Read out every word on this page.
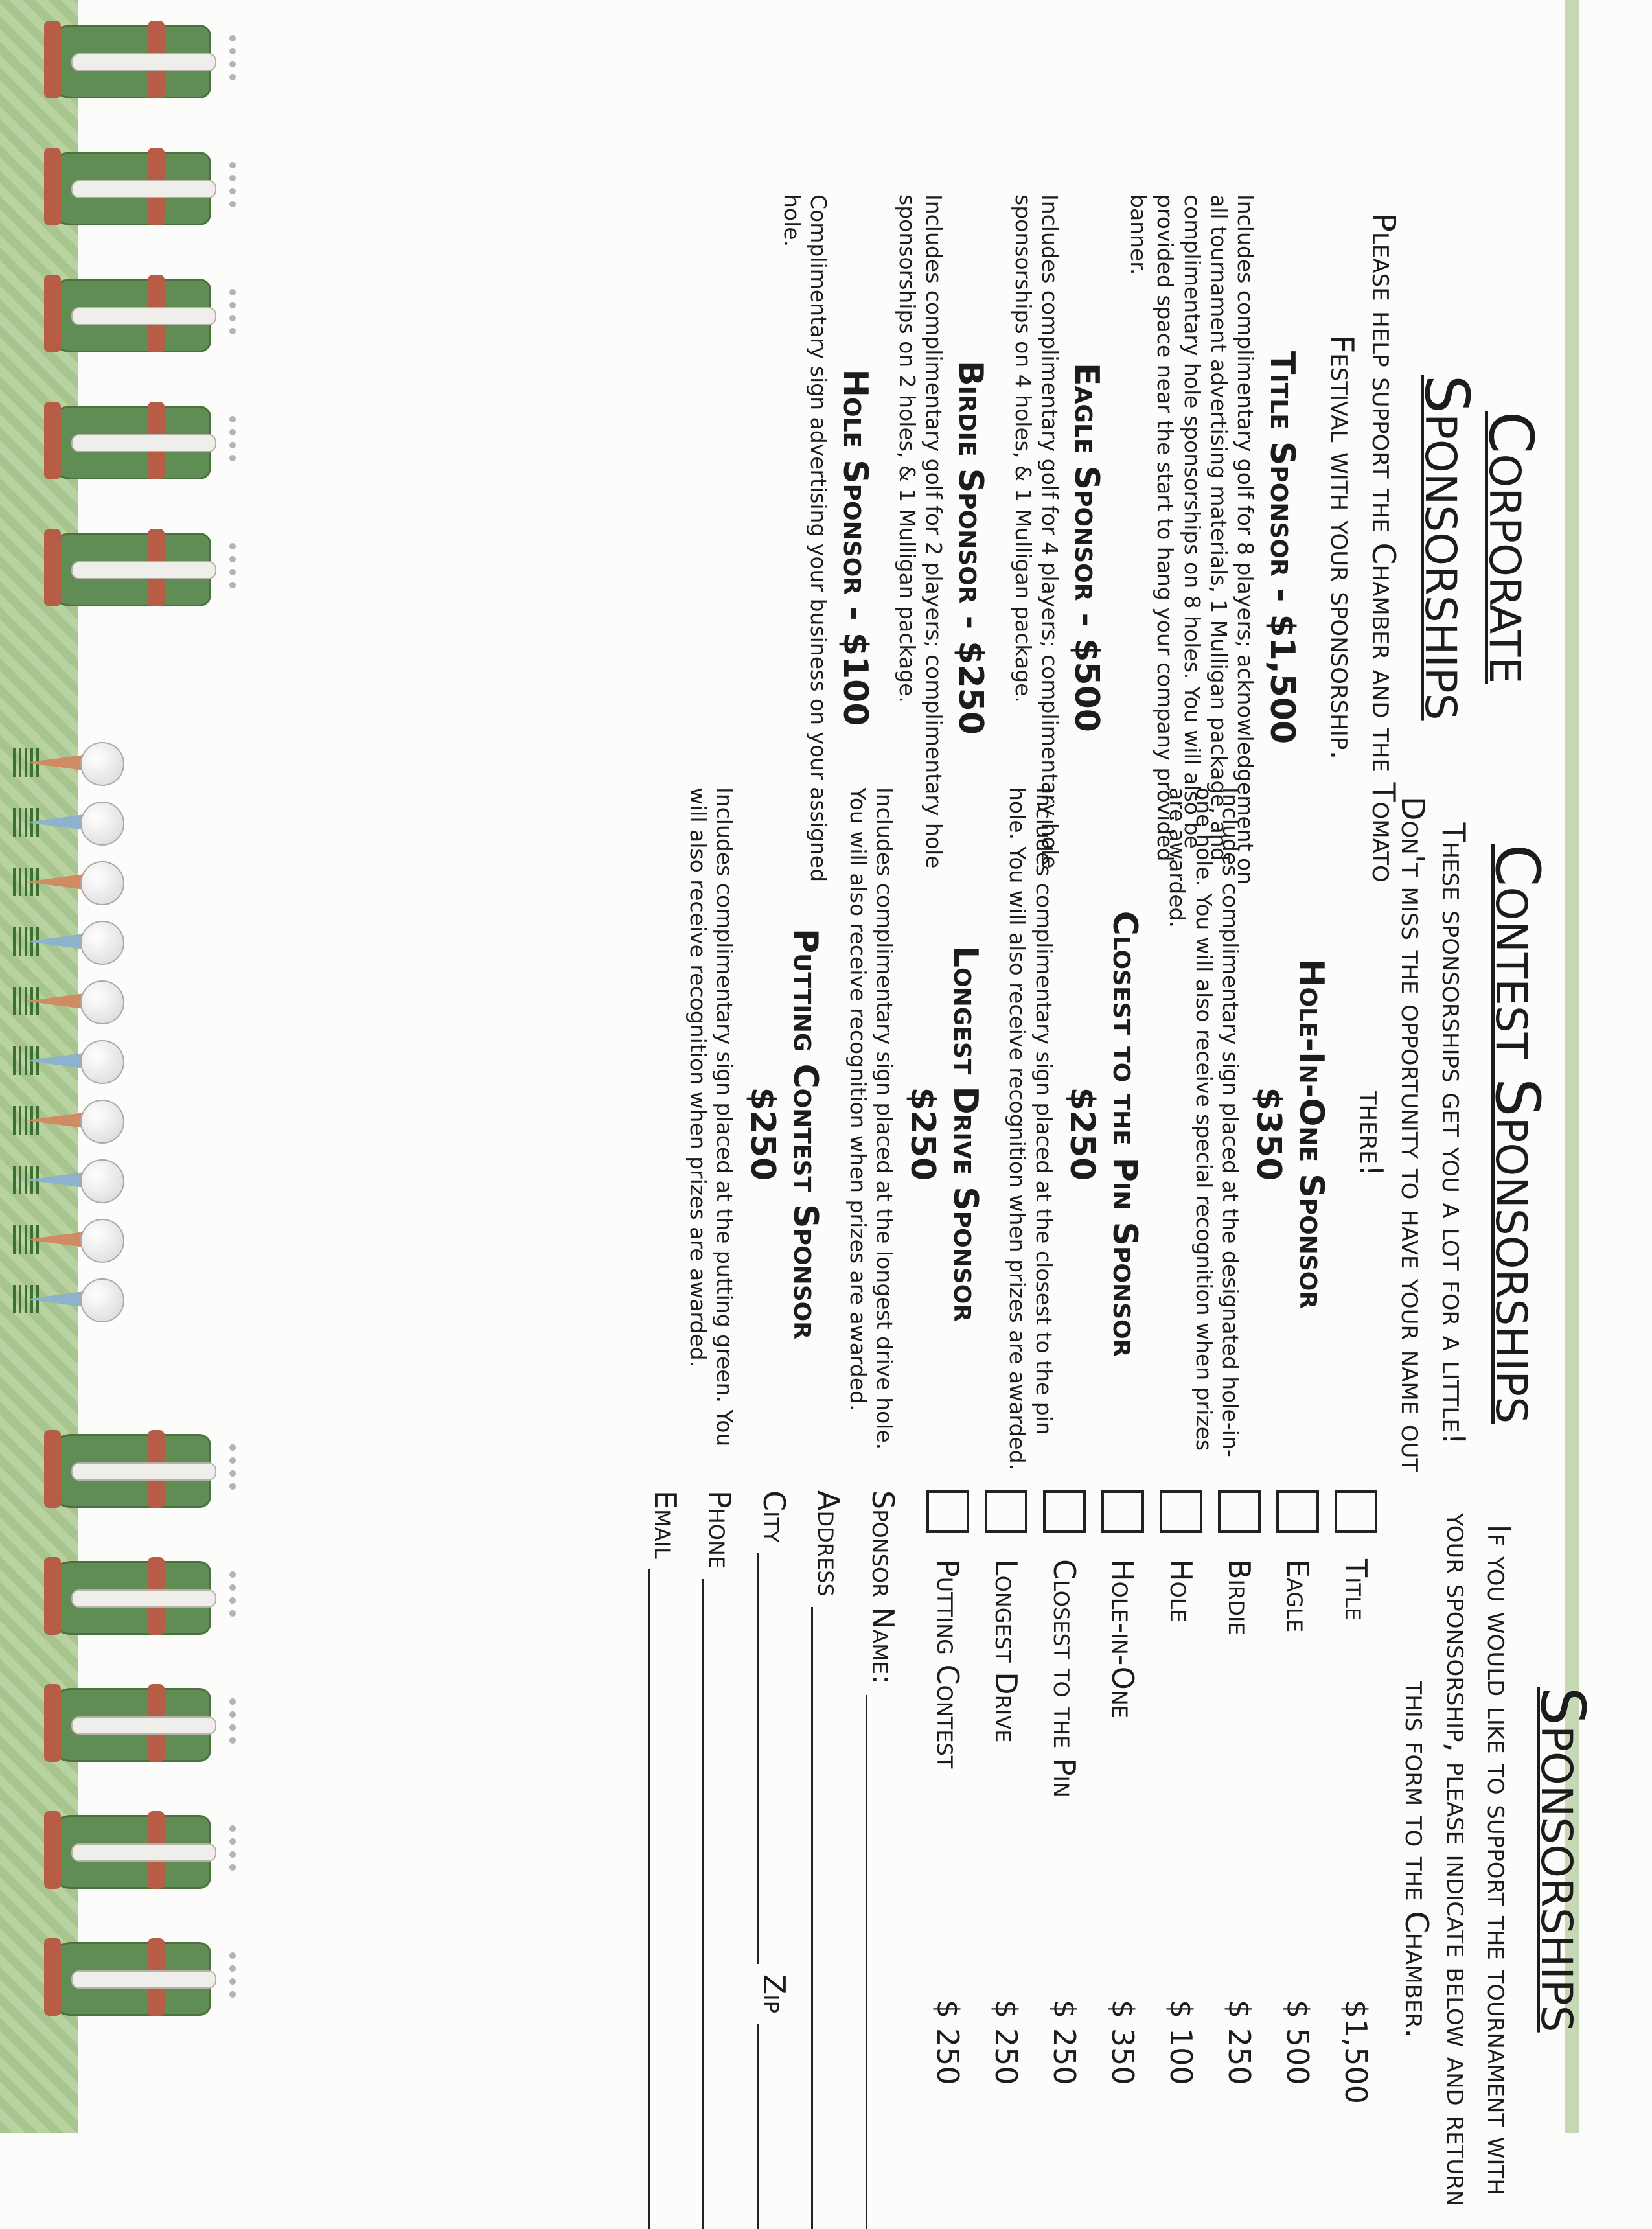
Corporate
Sponsorships
Please help support the Chamber and the Tomato Festival with your sponsorship.
Title Sponsor - $1,500
Includes complimentary golf for 8 players; acknowledgement on all tournament advertising materials, 1 Mulligan package, and complimentary hole sponsorships on 8 holes. You will also be provided space near the start to hang your company provided banner.
Eagle Sponsor - $500
Includes complimentary golf for 4 players; complimentary hole sponsorships on 4 holes, & 1 Mulligan package.
Birdie Sponsor - $250
Includes complimentary golf for 2 players; complimentary hole sponsorships on 2 holes, & 1 Mulligan package.
Hole Sponsor - $100
Complimentary sign advertising your business on your assigned hole.
Contest Sponsorships
These sponsorships get you a lot for a little! Don't miss the opportunity to have your name out there!
Hole-In-One Sponsor
$350
Includes complimentary sign placed at the designated hole-in-one hole. You will also receive special recognition when prizes are awarded.
Closest to the Pin Sponsor
$250
Includes complimentary sign placed at the closest to the pin hole. You will also receive recognition when prizes are awarded.
Longest Drive Sponsor
$250
Includes complimentary sign placed at the longest drive hole. You will also receive recognition when prizes are awarded.
Putting Contest Sponsor
$250
Includes complimentary sign placed at the putting green. You will also receive recognition when prizes are awarded.
Sponsorships
If you would like to support the tournament with your sponsorship, please indicate below and return this form to the Chamber.
Title
$1,500
Eagle
$ 500
Birdie
$ 250
Hole
$ 100
Hole-in-One
$ 350
Closest to the Pin
$ 250
Longest Drive
$ 250
Putting Contest
$ 250
Sponsor Name:
Address
City
Zip
Phone
Email
